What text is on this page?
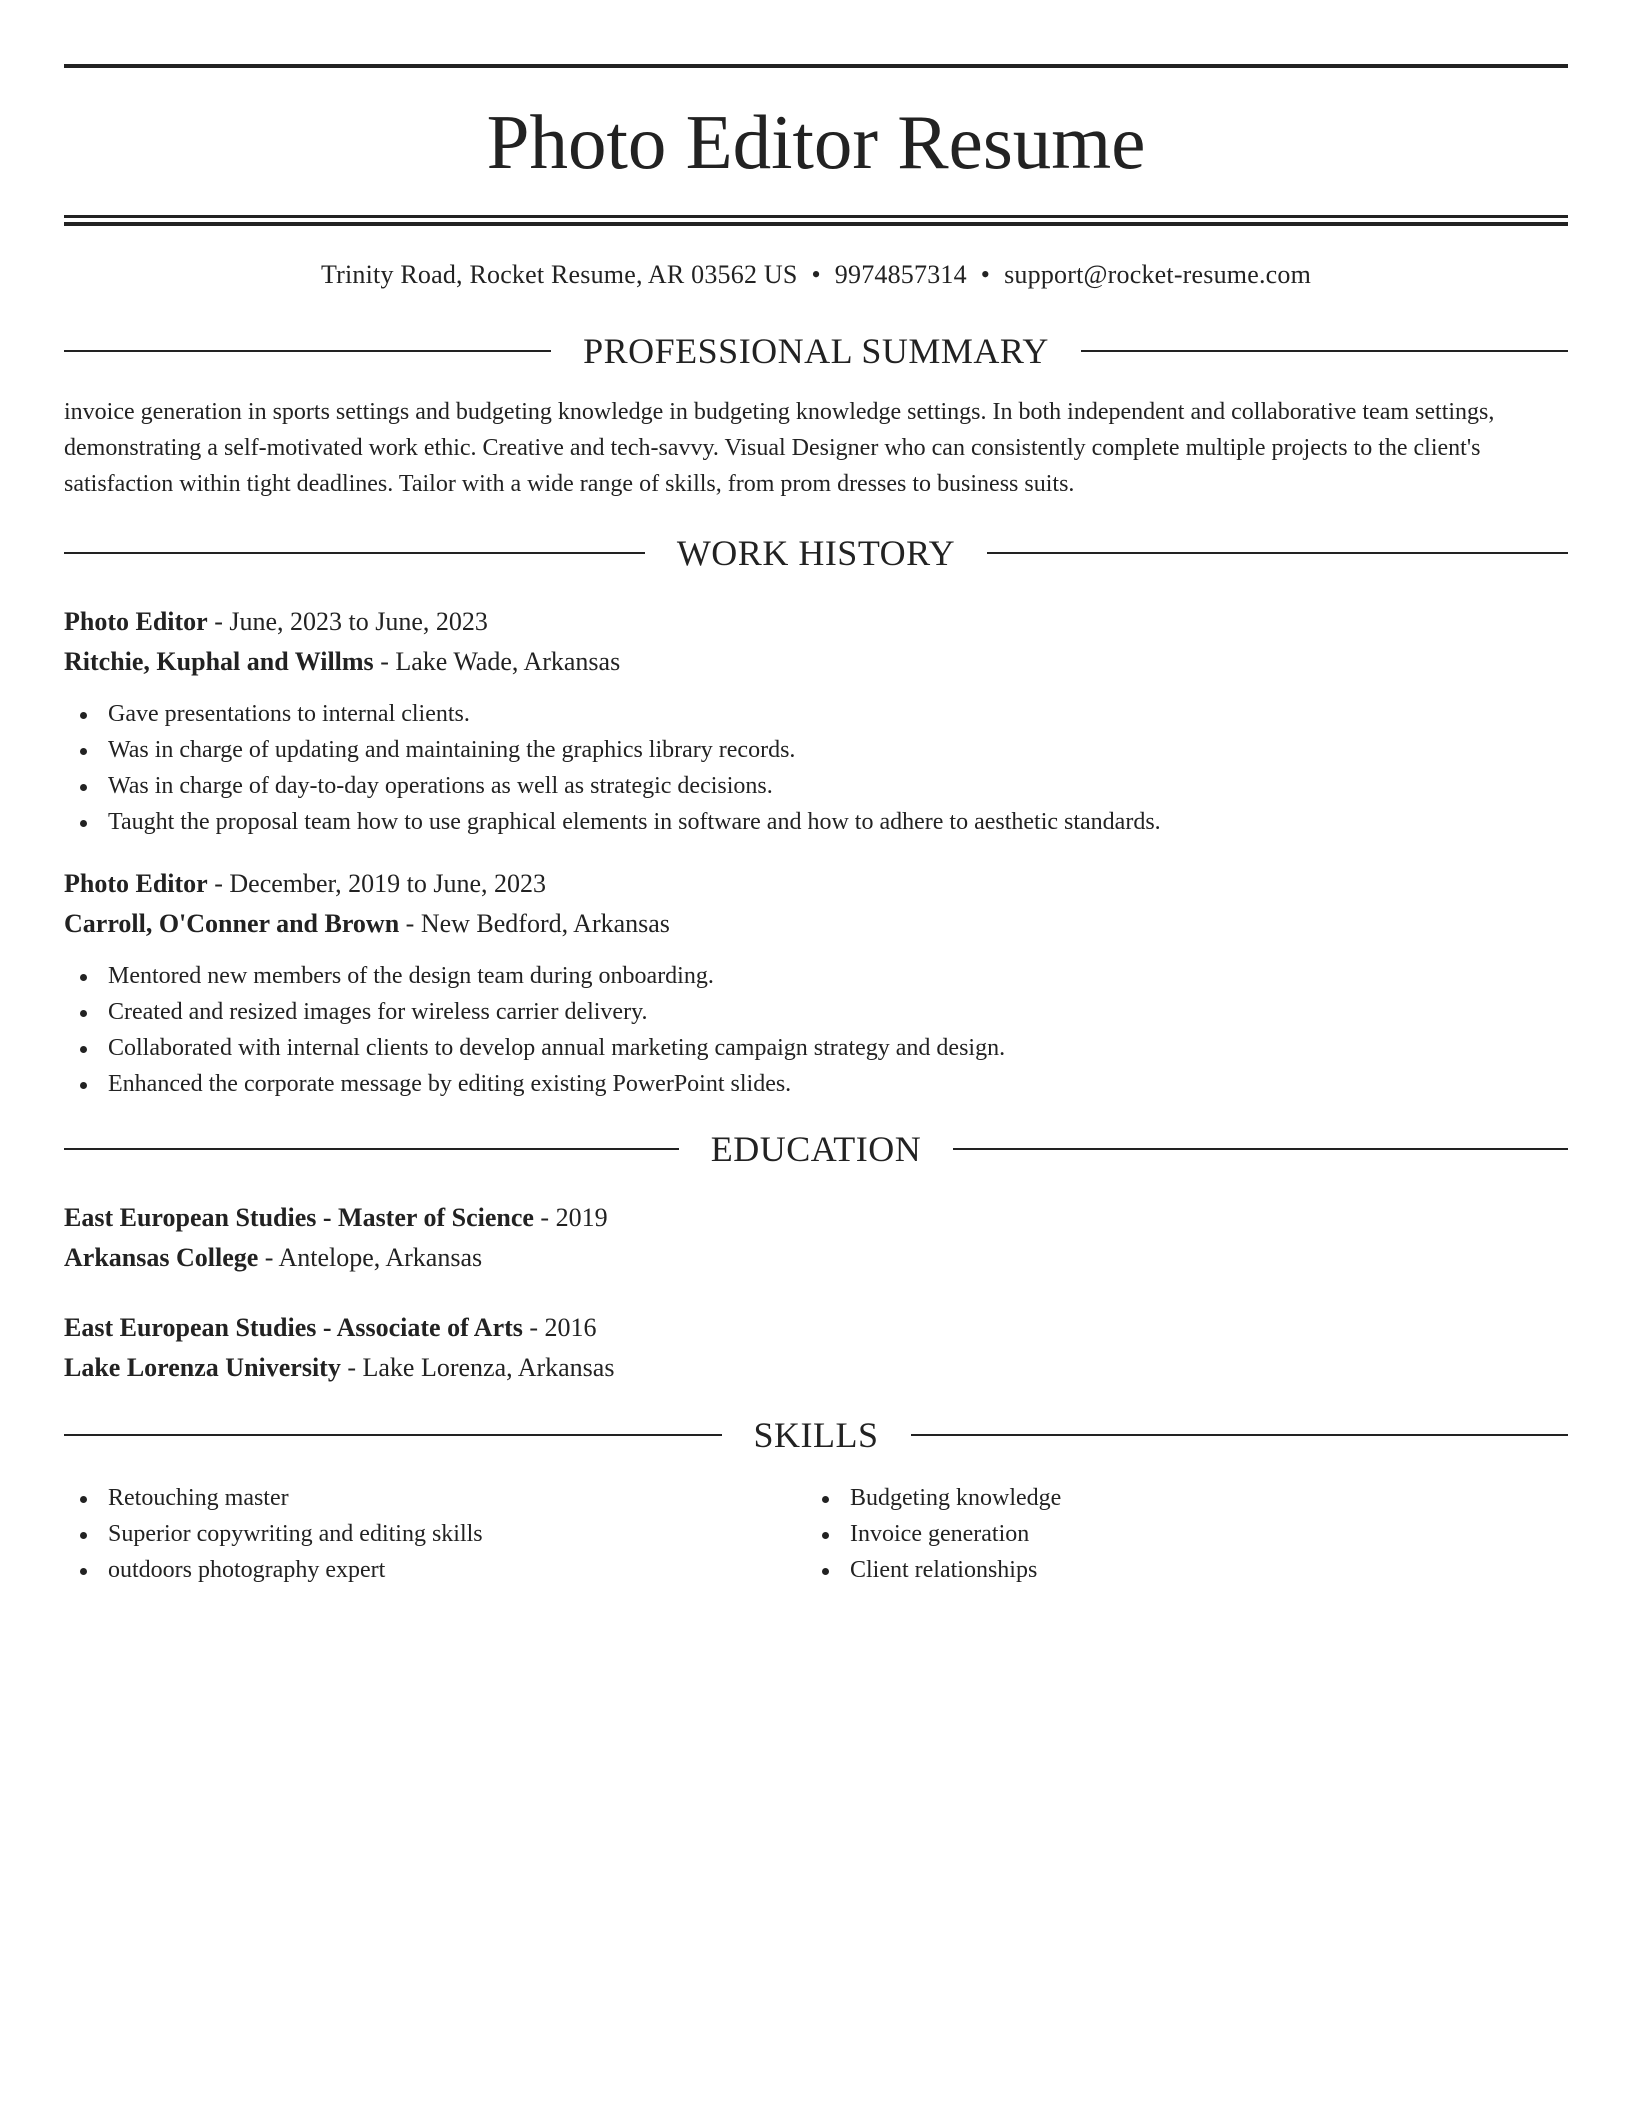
Photo Editor Resume
Trinity Road, Rocket Resume, AR 03562 US • 9974857314 • support@rocket-resume.com
PROFESSIONAL SUMMARY
invoice generation in sports settings and budgeting knowledge in budgeting knowledge settings. In both independent and collaborative team settings, demonstrating a self-motivated work ethic. Creative and tech-savvy. Visual Designer who can consistently complete multiple projects to the client's satisfaction within tight deadlines. Tailor with a wide range of skills, from prom dresses to business suits.
WORK HISTORY
Photo Editor - June, 2023 to June, 2023
Ritchie, Kuphal and Willms - Lake Wade, Arkansas
Gave presentations to internal clients.
Was in charge of updating and maintaining the graphics library records.
Was in charge of day-to-day operations as well as strategic decisions.
Taught the proposal team how to use graphical elements in software and how to adhere to aesthetic standards.
Photo Editor - December, 2019 to June, 2023
Carroll, O'Conner and Brown - New Bedford, Arkansas
Mentored new members of the design team during onboarding.
Created and resized images for wireless carrier delivery.
Collaborated with internal clients to develop annual marketing campaign strategy and design.
Enhanced the corporate message by editing existing PowerPoint slides.
EDUCATION
East European Studies - Master of Science - 2019
Arkansas College - Antelope, Arkansas
East European Studies - Associate of Arts - 2016
Lake Lorenza University - Lake Lorenza, Arkansas
SKILLS
Retouching master
Superior copywriting and editing skills
outdoors photography expert
Budgeting knowledge
Invoice generation
Client relationships
